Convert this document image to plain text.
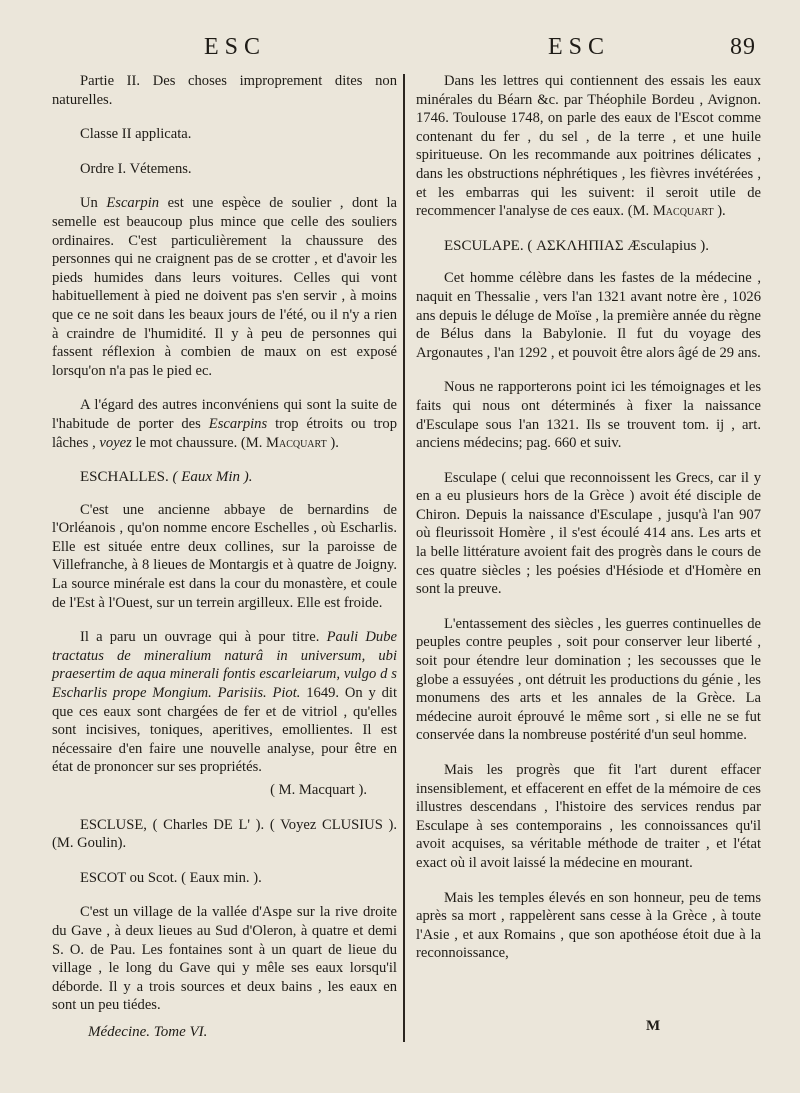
ESC	ESC	89

Partie II. Des choses improprement dites non naturelles.

Classe II applicata.

Ordre I. Vétemens.

Un Escarpin est une espèce de soulier , dont la semelle est beaucoup plus mince que celle des souliers ordinaires. C'est particulièrement la chaussure des personnes qui ne craignent pas de se crotter , et d'avoir les pieds humides dans leurs voitures. Celles qui vont habituellement à pied ne doivent pas s'en servir , à moins que ce ne soit dans les beaux jours de l'été, ou il n'y a rien à craindre de l'humidité. Il y à peu de personnes qui fassent réflexion à combien de maux on est exposé lorsqu'on n'a pas le pied ec.

A l'égard des autres inconvéniens qui sont la suite de l'habitude de porter des Escarpins trop étroits ou trop lâches , voyez le mot chaussure. (M. Macquart ).

ESCHALLES. ( Eaux Min ).

C'est une ancienne abbaye de bernardins de l'Orléanois , qu'on nomme encore Eschelles , où Escharlis. Elle est située entre deux collines, sur la paroisse de Villefranche, à 8 lieues de Montargis et à quatre de Joigny. La source minérale est dans la cour du monastère, et coule de l'Est à l'Ouest, sur un terrein argilleux. Elle est froide.

Il a paru un ouvrage qui à pour titre. Pauli Dube tractatus de mineralium naturâ in universum, ubi praesertim de aqua minerali fontis escarleiarum, vulgo d s Escharlis prope Mongium. Parisiis. Piot. 1649. On y dit que ces eaux sont chargées de fer et de vitriol , qu'elles sont incisives, toniques, aperitives, emollientes. Il est nécessaire d'en faire une nouvelle analyse, pour être en état de prononcer sur ses propriétés.

( M. Macquart ).

ESCLUSE, ( Charles DE L' ). ( Voyez CLUSIUS ). (M. Goulin).

ESCOT ou Scot. ( Eaux min. ).

C'est un village de la vallée d'Aspe sur la rive droite du Gave , à deux lieues au Sud d'Oleron, à quatre et demi S. O. de Pau. Les fontaines sont à un quart de lieue du village , le long du Gave qui y mêle ses eaux lorsqu'il déborde. Il y a trois sources et deux bains , les eaux en sont un peu tiédes.

Dans les lettres qui contiennent des essais les eaux minérales du Béarn &c. par Théophile Bordeu , Avignon. 1746. Toulouse 1748, on parle des eaux de l'Escot comme contenant du fer , du sel , de la terre , et une huile spiritueuse. On les recommande aux poitrines délicates , dans les obstructions néphrétiques , les fièvres invétérées , et les embarras qui les suivent: il seroit utile de recommencer l'analyse de ces eaux. (M. Macquart ).

ESCULAPE. ( ΑΣΚΛΗΠΙΑΣ Æsculapius ).

Cet homme célèbre dans les fastes de la médecine , naquit en Thessalie , vers l'an 1321 avant notre ère , 1026 ans depuis le déluge de Moïse , la première année du règne de Bélus dans la Babylonie. Il fut du voyage des Argonautes , l'an 1292 , et pouvoit être alors âgé de 29 ans.

Nous ne rapporterons point ici les témoignages et les faits qui nous ont déterminés à fixer la naissance d'Esculape sous l'an 1321. Ils se trouvent tom. ij , art. anciens médecins; pag. 660 et suiv.

Esculape ( celui que reconnoissent les Grecs, car il y en a eu plusieurs hors de la Grèce ) avoit été disciple de Chiron. Depuis la naissance d'Esculape , jusqu'à l'an 907 où fleurissoit Homère , il s'est écoulé 414 ans. Les arts et la belle littérature avoient fait des progrès dans le cours de ces quatre siècles ; les poésies d'Hésiode et d'Homère en sont la preuve.

L'entassement des siècles , les guerres continuelles de peuples contre peuples , soit pour conserver leur liberté , soit pour étendre leur domination ; les secousses que le globe a essuyées , ont détruit les productions du génie , les monumens des arts et les annales de la Grèce. La médecine auroit éprouvé le même sort , si elle ne se fut conservée dans la nombreuse postérité d'un seul homme.

Mais les progrès que fit l'art durent effacer insensiblement, et effacerent en effet de la mémoire de ces illustres descendans , l'histoire des services rendus par Esculape à ses contemporains , les connoissances qu'il avoit acquises, sa véritable méthode de traiter , et l'état exact où il avoit laissé la médecine en mourant.

Mais les temples élevés en son honneur, peu de tems après sa mort , rappelèrent sans cesse à la Grèce , à toute l'Asie , et aux Romains , que son apothéose étoit due à la reconnoissance,

Médecine. Tome VI.	M
